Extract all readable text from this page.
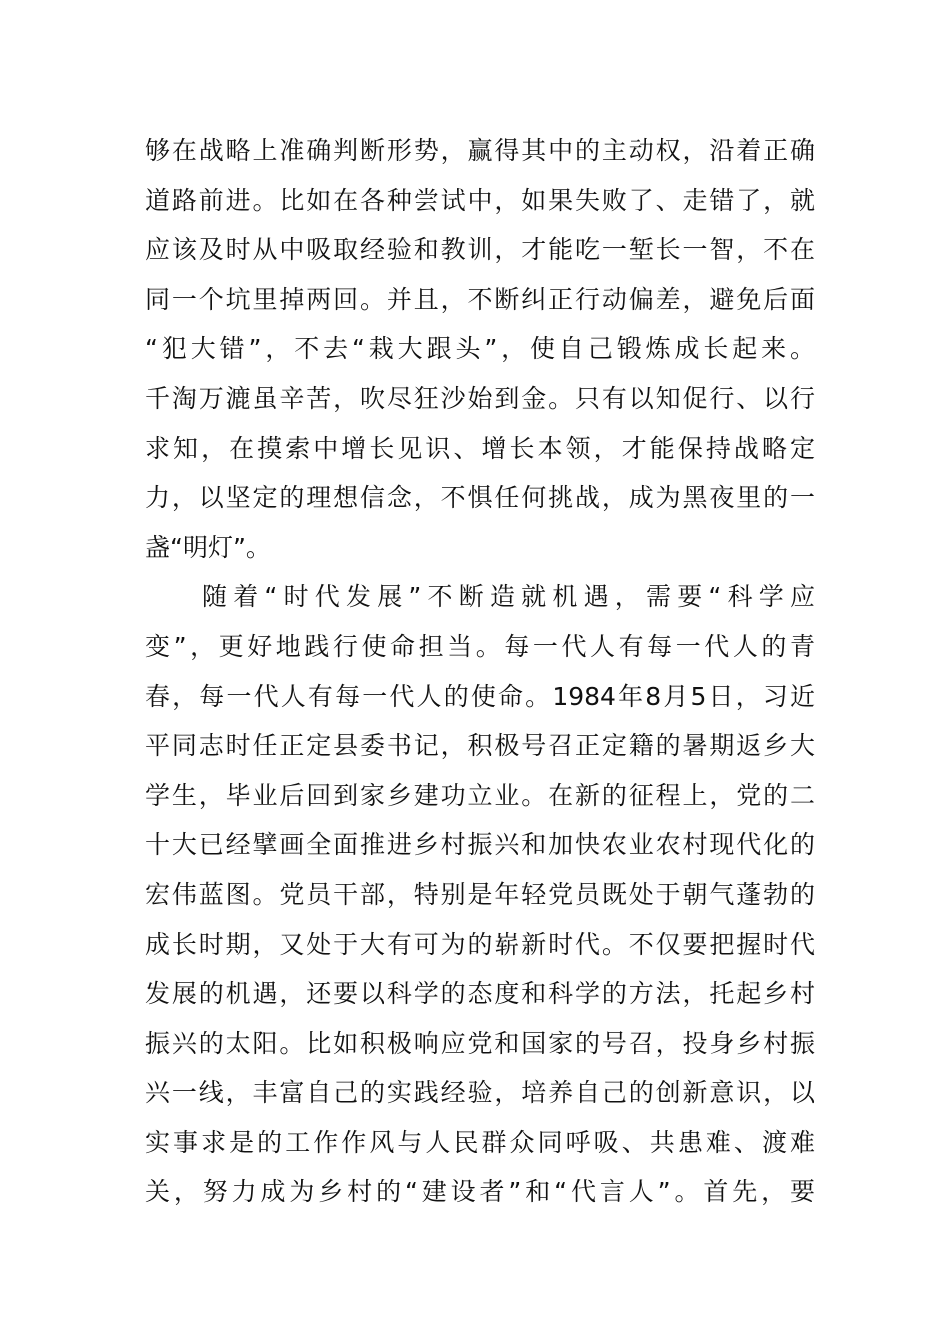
够在战略上准确判断形势，赢得其中的主动权，沿着正确
道路前进。比如在各种尝试中，如果失败了、走错了，就
应该及时从中吸取经验和教训，才能吃一堑长一智，不在
同一个坑里掉两回。并且，不断纠正行动偏差，避免后面
“犯大错”，不去“栽大跟头”，使自己锻炼成长起来。
千淘万漉虽辛苦，吹尽狂沙始到金。只有以知促行、以行
求知，在摸索中增长见识、增长本领，才能保持战略定
力，以坚定的理想信念，不惧任何挑战，成为黑夜里的一
盏“明灯”。
随着“时代发展”不断造就机遇，需要“科学应
变”，更好地践行使命担当。每一代人有每一代人的青
春，每一代人有每一代人的使命。1984年8月5日，习近
平同志时任正定县委书记，积极号召正定籍的暑期返乡大
学生，毕业后回到家乡建功立业。在新的征程上，党的二
十大已经擘画全面推进乡村振兴和加快农业农村现代化的
宏伟蓝图。党员干部，特别是年轻党员既处于朝气蓬勃的
成长时期，又处于大有可为的崭新时代。不仅要把握时代
发展的机遇，还要以科学的态度和科学的方法，托起乡村
振兴的太阳。比如积极响应党和国家的号召，投身乡村振
兴一线，丰富自己的实践经验，培养自己的创新意识，以
实事求是的工作作风与人民群众同呼吸、共患难、渡难
关，努力成为乡村的“建设者”和“代言人”。首先，要
